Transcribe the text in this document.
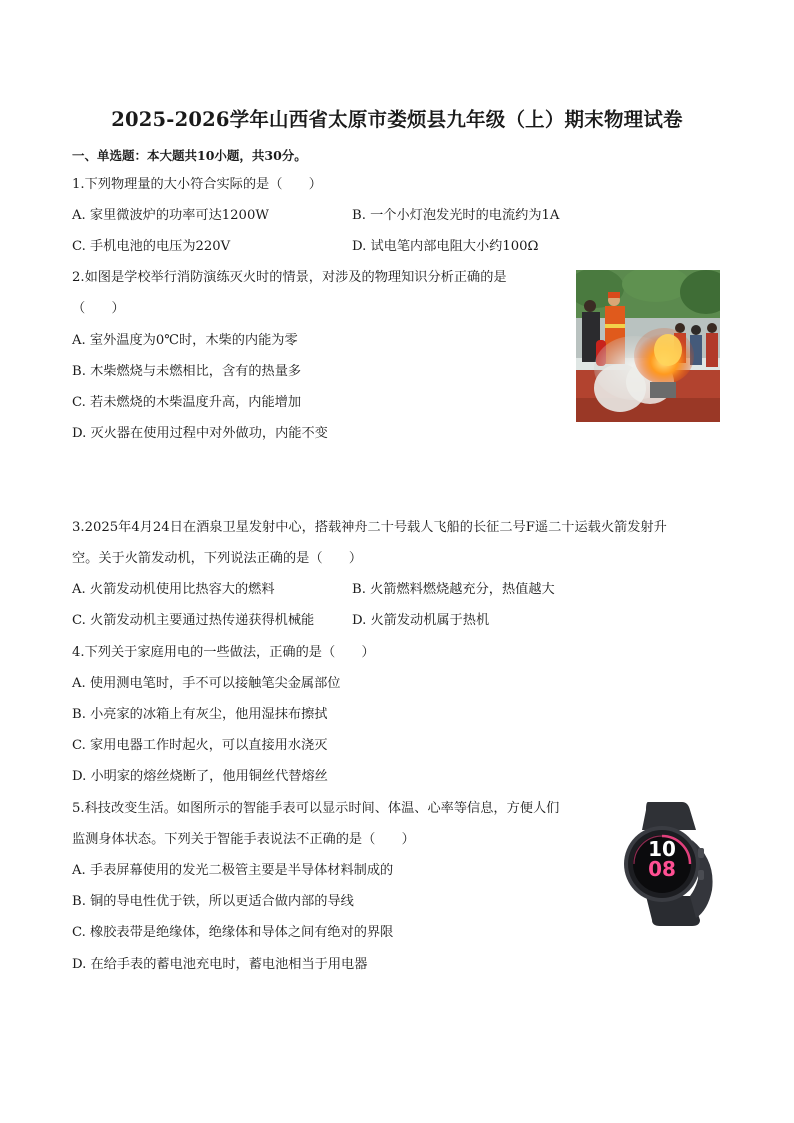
2025-2026学年山西省太原市娄烦县九年级（上）期末物理试卷
一、单选题：本大题共10小题，共30分。
1.下列物理量的大小符合实际的是（　　）
A. 家里微波炉的功率可达1200W	B. 一个小灯泡发光时的电流约为1A
C. 手机电池的电压为220V	D. 试电笔内部电阻大小约100Ω
2.如图是学校举行消防演练灭火时的情景，对涉及的物理知识分析正确的是
（　　）
A. 室外温度为0℃时，木柴的内能为零
B. 木柴燃烧与未燃相比，含有的热量多
C. 若未燃烧的木柴温度升高，内能增加
D. 灭火器在使用过程中对外做功，内能不变
3.2025年4月24日在酒泉卫星发射中心，搭载神舟二十号载人飞船的长征二号F遥二十运载火箭发射升
空。关于火箭发动机，下列说法正确的是（　　）
A. 火箭发动机使用比热容大的燃料	B. 火箭燃料燃烧越充分，热值越大
C. 火箭发动机主要通过热传递获得机械能	D. 火箭发动机属于热机
4.下列关于家庭用电的一些做法，正确的是（　　）
A. 使用测电笔时，手不可以接触笔尖金属部位
B. 小亮家的冰箱上有灰尘，他用湿抹布擦拭
C. 家用电器工作时起火，可以直接用水浇灭
D. 小明家的熔丝烧断了，他用铜丝代替熔丝
5.科技改变生活。如图所示的智能手表可以显示时间、体温、心率等信息，方便人们
监测身体状态。下列关于智能手表说法不正确的是（　　）
A. 手表屏幕使用的发光二极管主要是半导体材料制成的
B. 铜的导电性优于铁，所以更适合做内部的导线
C. 橡胶表带是绝缘体，绝缘体和导体之间有绝对的界限
D. 在给手表的蓄电池充电时，蓄电池相当于用电器
10
08
